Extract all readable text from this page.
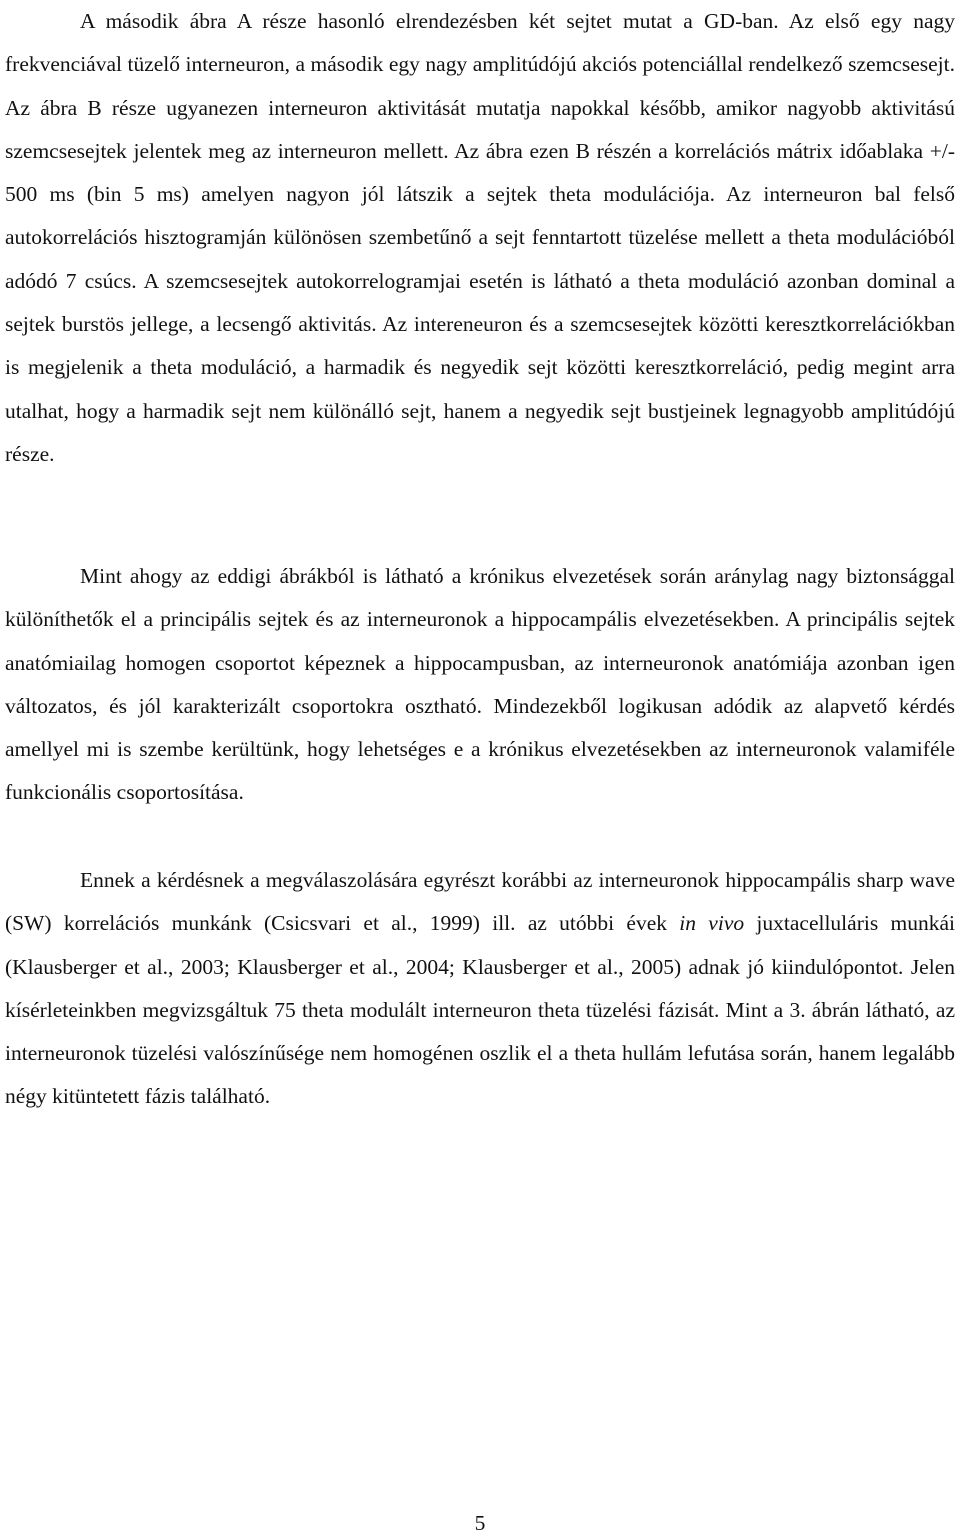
A második ábra A része hasonló elrendezésben két sejtet mutat a GD-ban. Az első egy nagy frekvenciával tüzelő interneuron, a második egy nagy amplitúdójú akciós potenciállal rendelkező szemcsesejt. Az ábra B része ugyanezen interneuron aktivitását mutatja napokkal később, amikor nagyobb aktivitású szemcsesejtek jelentek meg az interneuron mellett. Az ábra ezen B részén a korrelációs mátrix időablaka +/- 500 ms (bin 5 ms) amelyen nagyon jól látszik a sejtek theta modulációja. Az interneuron bal felső autokorrelációs hisztogramján különösen szembetűnő a sejt fenntartott tüzelése mellett a theta modulációból adódó 7 csúcs. A szemcsesejtek autokorrelogramjai esetén is látható a theta moduláció azonban dominal a sejtek burstös jellege, a lecsengő aktivitás. Az intereneuron és a szemcsesejtek közötti keresztkorrelációkban is megjelenik a theta moduláció, a harmadik és negyedik sejt közötti keresztkorreláció, pedig megint arra utalhat, hogy a harmadik sejt nem különálló sejt, hanem a negyedik sejt bustjeinek legnagyobb amplitúdójú része.

Mint ahogy az eddigi ábrákból is látható a krónikus elvezetések során aránylag nagy biztonsággal különíthetők el a principális sejtek és az interneuronok a hippocampális elvezetésekben. A principális sejtek anatómiailag homogen csoportot képeznek a hippocampusban, az interneuronok anatómiája azonban igen változatos, és jól karakterizált csoportokra osztható. Mindezekből logikusan adódik az alapvető kérdés amellyel mi is szembe kerültünk, hogy lehetséges e a krónikus elvezetésekben az interneuronok valamiféle funkcionális csoportosítása.

Ennek a kérdésnek a megválaszolására egyrészt korábbi az interneuronok hippocampális sharp wave (SW) korrelációs munkánk (Csicsvari et al., 1999) ill. az utóbbi évek in vivo juxtacelluláris munkái (Klausberger et al., 2003; Klausberger et al., 2004; Klausberger et al., 2005) adnak jó kiindulópontot. Jelen kísérleteinkben megvizsgáltuk 75 theta modulált interneuron theta tüzelési fázisát. Mint a 3. ábrán látható, az interneuronok tüzelési valószínűsége nem homogénen oszlik el a theta hullám lefutása során, hanem legalább négy kitüntetett fázis található.

5
